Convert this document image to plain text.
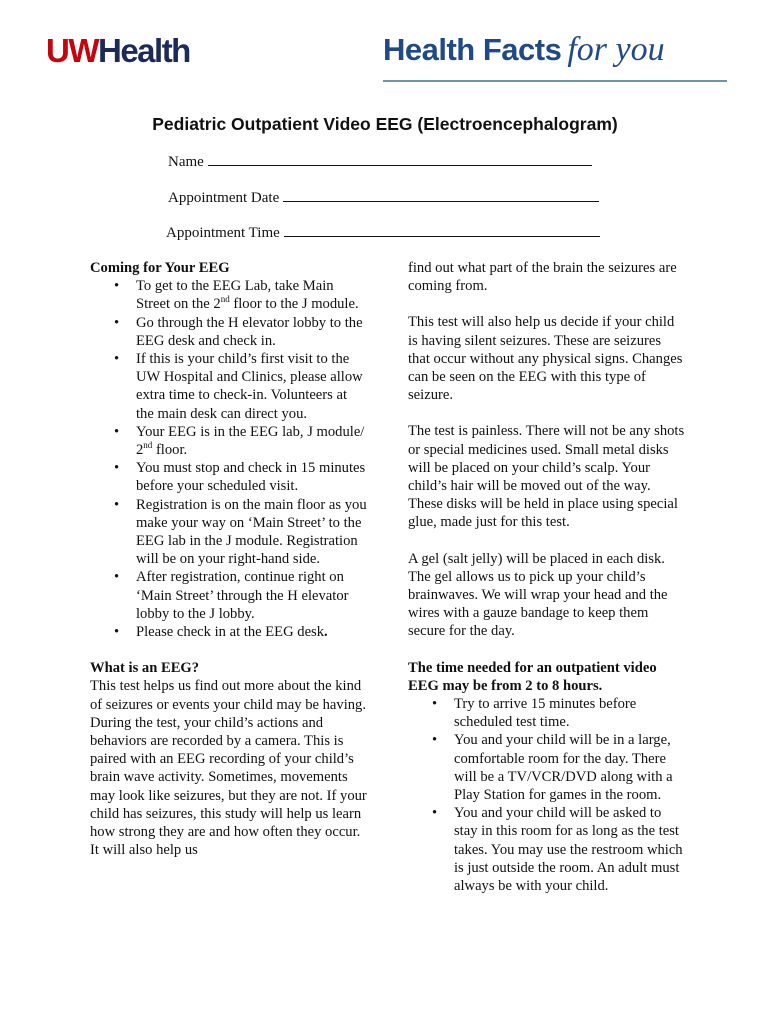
UWHealth	Health Facts for you
Pediatric Outpatient Video EEG (Electroencephalogram)
Name
Appointment Date
Appointment Time

Coming for Your EEG

• To get to the EEG Lab, take Main Street on the 2nd floor to the J module.
• Go through the H elevator lobby to the EEG desk and check in.
• If this is your child’s first visit to the UW Hospital and Clinics, please allow extra time to check-in. Volunteers at the main desk can direct you.
• Your EEG is in the EEG lab, J module/ 2nd floor.
• You must stop and check in 15 minutes before your scheduled visit.
• Registration is on the main floor as you make your way on ‘Main Street’ to the EEG lab in the J module. Registration will be on your right-hand side.
• After registration, continue right on ‘Main Street’ through the H elevator lobby to the J lobby.
• Please check in at the EEG desk.

What is an EEG?

This test helps us find out more about the kind of seizures or events your child may be having. During the test, your child’s actions and behaviors are recorded by a camera. This is paired with an EEG recording of your child’s brain wave activity. Sometimes, movements may look like seizures, but they are not. If your child has seizures, this study will help us learn how strong they are and how often they occur. It will also help us

find out what part of the brain the seizures are coming from.

This test will also help us decide if your child is having silent seizures. These are seizures that occur without any physical signs. Changes can be seen on the EEG with this type of seizure.

The test is painless. There will not be any shots or special medicines used. Small metal disks will be placed on your child’s scalp. Your child’s hair will be moved out of the way. These disks will be held in place using special glue, made just for this test.

A gel (salt jelly) will be placed in each disk. The gel allows us to pick up your child’s brainwaves. We will wrap your head and the wires with a gauze bandage to keep them secure for the day.

The time needed for an outpatient video EEG may be from 2 to 8 hours.

• Try to arrive 15 minutes before scheduled test time.
• You and your child will be in a large, comfortable room for the day. There will be a TV/VCR/DVD along with a Play Station for games in the room.
• You and your child will be asked to stay in this room for as long as the test takes. You may use the restroom which is just outside the room. An adult must always be with your child.
